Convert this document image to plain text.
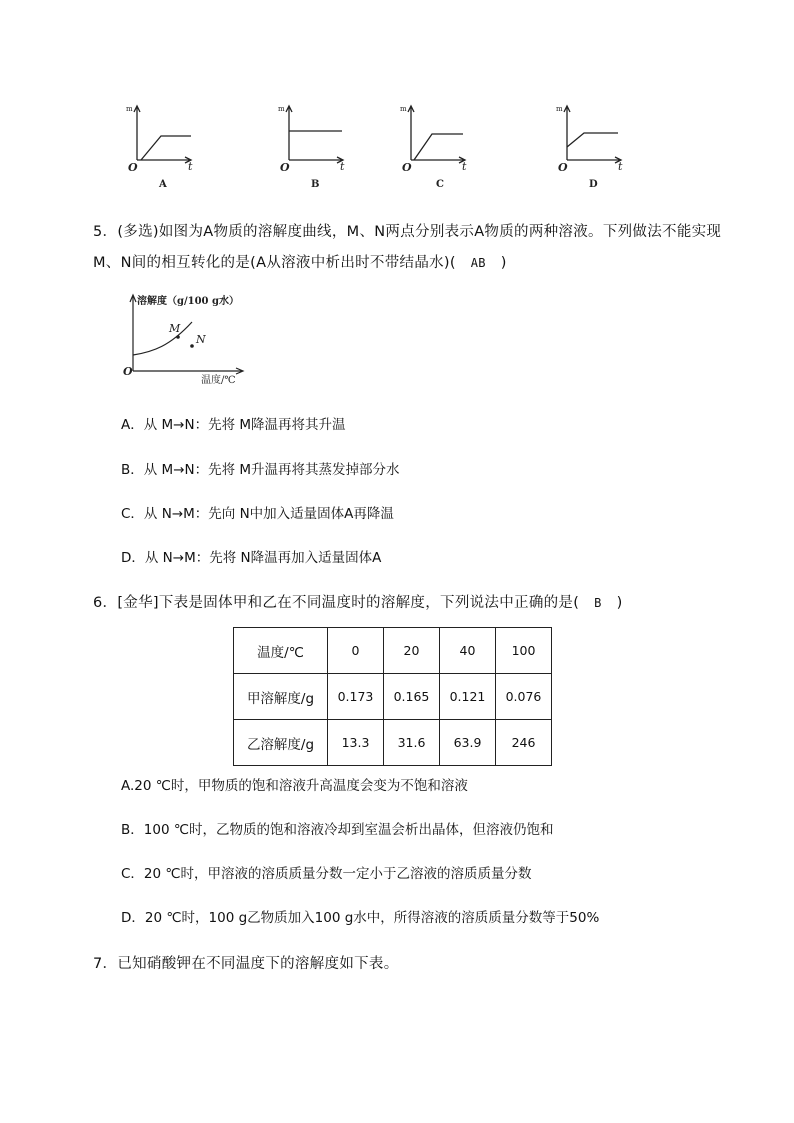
m
O	t
A
m
O	t
B
m
O	t
C
m
O	t
D
5．(多选)如图为A物质的溶解度曲线，M、N两点分别表示A物质的两种溶液。下列做法不能实现
M、N间的相互转化的是(A从溶液中析出时不带结晶水)( AB )
溶解度（g/100 g水）
温度/℃
O
M
N
A．从 M→N：先将 M降温再将其升温
B．从 M→N：先将 M升温再将其蒸发掉部分水
C．从 N→M：先向 N中加入适量固体A再降温
D．从 N→M：先将 N降温再加入适量固体A
6．[金华]下表是固体甲和乙在不同温度时的溶解度，下列说法中正确的是( B )
温度/℃	0	20	40	100
甲溶解度/g	0.173	0.165	0.121	0.076
乙溶解度/g	13.3	31.6	63.9	246
A.20 ℃时，甲物质的饱和溶液升高温度会变为不饱和溶液
B．100 ℃时，乙物质的饱和溶液冷却到室温会析出晶体，但溶液仍饱和
C．20 ℃时，甲溶液的溶质质量分数一定小于乙溶液的溶质质量分数
D．20 ℃时，100 g乙物质加入100 g水中，所得溶液的溶质质量分数等于50%
7．已知硝酸钾在不同温度下的溶解度如下表。
